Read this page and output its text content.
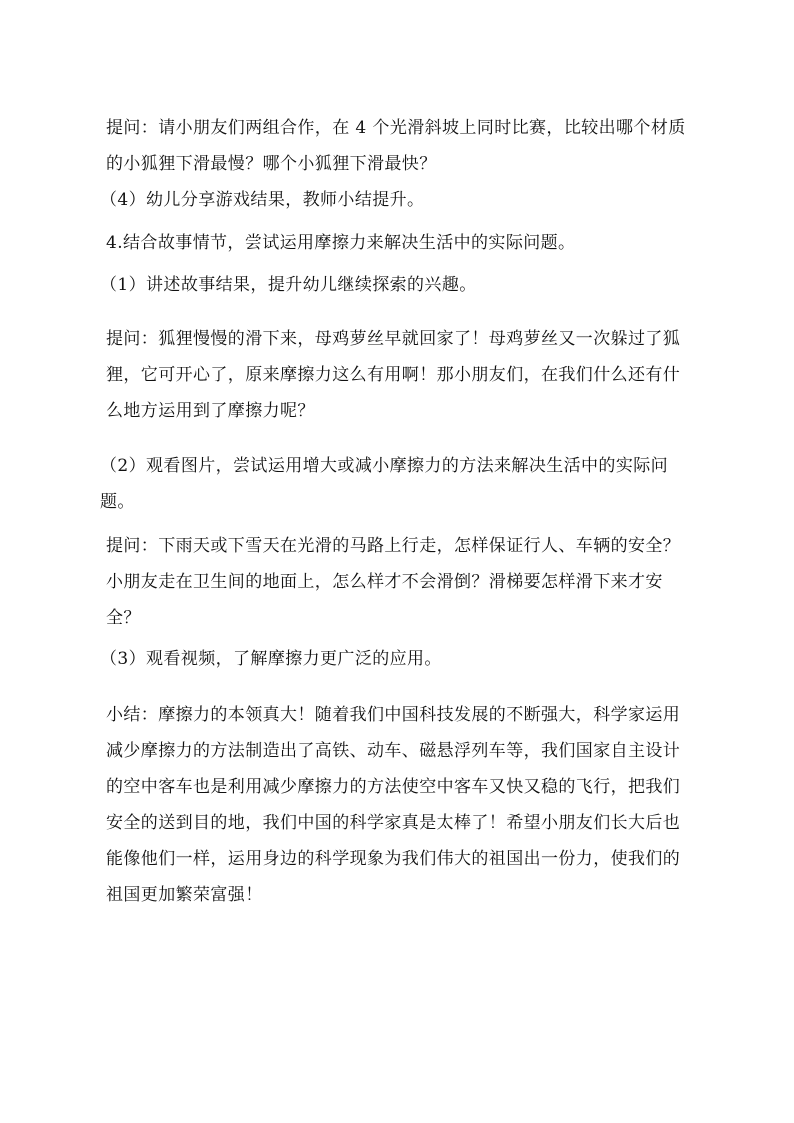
提问：请小朋友们两组合作，在 4 个光滑斜坡上同时比赛，比较出哪个材质的小狐狸下滑最慢？哪个小狐狸下滑最快？

（4）幼儿分享游戏结果，教师小结提升。

4.结合故事情节，尝试运用摩擦力来解决生活中的实际问题。

（1）讲述故事结果，提升幼儿继续探索的兴趣。

提问：狐狸慢慢的滑下来，母鸡萝丝早就回家了！母鸡萝丝又一次躲过了狐狸，它可开心了，原来摩擦力这么有用啊！那小朋友们，在我们什么还有什么地方运用到了摩擦力呢？

（2）观看图片，尝试运用增大或减小摩擦力的方法来解决生活中的实际问题。

提问：下雨天或下雪天在光滑的马路上行走，怎样保证行人、车辆的安全？小朋友走在卫生间的地面上，怎么样才不会滑倒？滑梯要怎样滑下来才安全？

（3）观看视频，了解摩擦力更广泛的应用。

小结：摩擦力的本领真大！随着我们中国科技发展的不断强大，科学家运用减少摩擦力的方法制造出了高铁、动车、磁悬浮列车等，我们国家自主设计的空中客车也是利用减少摩擦力的方法使空中客车又快又稳的飞行，把我们安全的送到目的地，我们中国的科学家真是太棒了！希望小朋友们长大后也能像他们一样，运用身边的科学现象为我们伟大的祖国出一份力，使我们的祖国更加繁荣富强！
